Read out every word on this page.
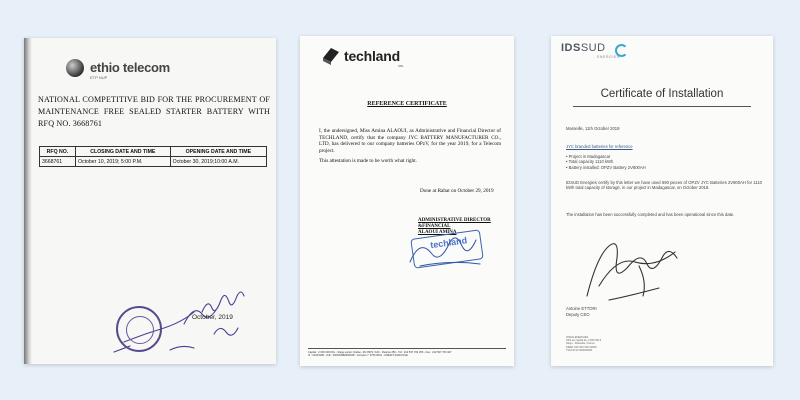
ethio telecom
ETP NUP
NATIONAL COMPETITIVE BID FOR THE PROCUREMENT OF MAINTENANCE FREE SEALED STARTER BATTERY WITH RFQ NO. 3668761
RFQ NO.	CLOSING DATE AND TIME	OPENING DATE AND TIME
3668761	October 10, 2019; 5:00 P.M.	October 30, 2019;10:00 A.M.
October, 2019
techland
SRL
REFERENCE CERTIFICATE
I, the undersigned, Miss Amina ALAOUI, as Administrative and Financial Director of TECHLAND, certify that the company JYC BATTERY MANUFACTURER CO., LTD, has delivered to our company batteries OPzV, for the year 2019, for a Telecom project.
This attestation is made to be worth what right.
Done at Rabat on October 29, 2019
ADMINISTRATIVE DIRECTOR
&FINANCIAL
ALAOUI AMINA
techland
Capital : 2 000 000 Dhs - Siège social : Rabat - RC 8974 / 100 - Patente 250 - Tél : 212 537 703 253 - Fax : 212 537 703 427
IF : 01003186 - ICE : 000003982000048 - Compte n° 2750 0001 - CREDIT AGRICOLE
IDSSUD
ENERGIES
Certificate of Installation
Marseille, 11th October 2019
JYC branded batteries for reference
• Project in Madagascar
• Total capacity 1110 kWh
• Battery installed: OPZV Battery 2V800AH
IDSUD Energies certify by this letter we have used 690 pieces of OPZV JYC Batteries 2V800AH for 1110 kWh total capacity of storage, in our project in Madagascar, on October 2018.
The installation has been successfully completed and has been operational since this date.
Antoine ETTORI
Deputy CEO
IDSUD ENERGIES
SAS au capital de 1 000 000 €
Siège : Marseille, France
SIRET 000 000 000 00000
TVA FR 00 000000000
